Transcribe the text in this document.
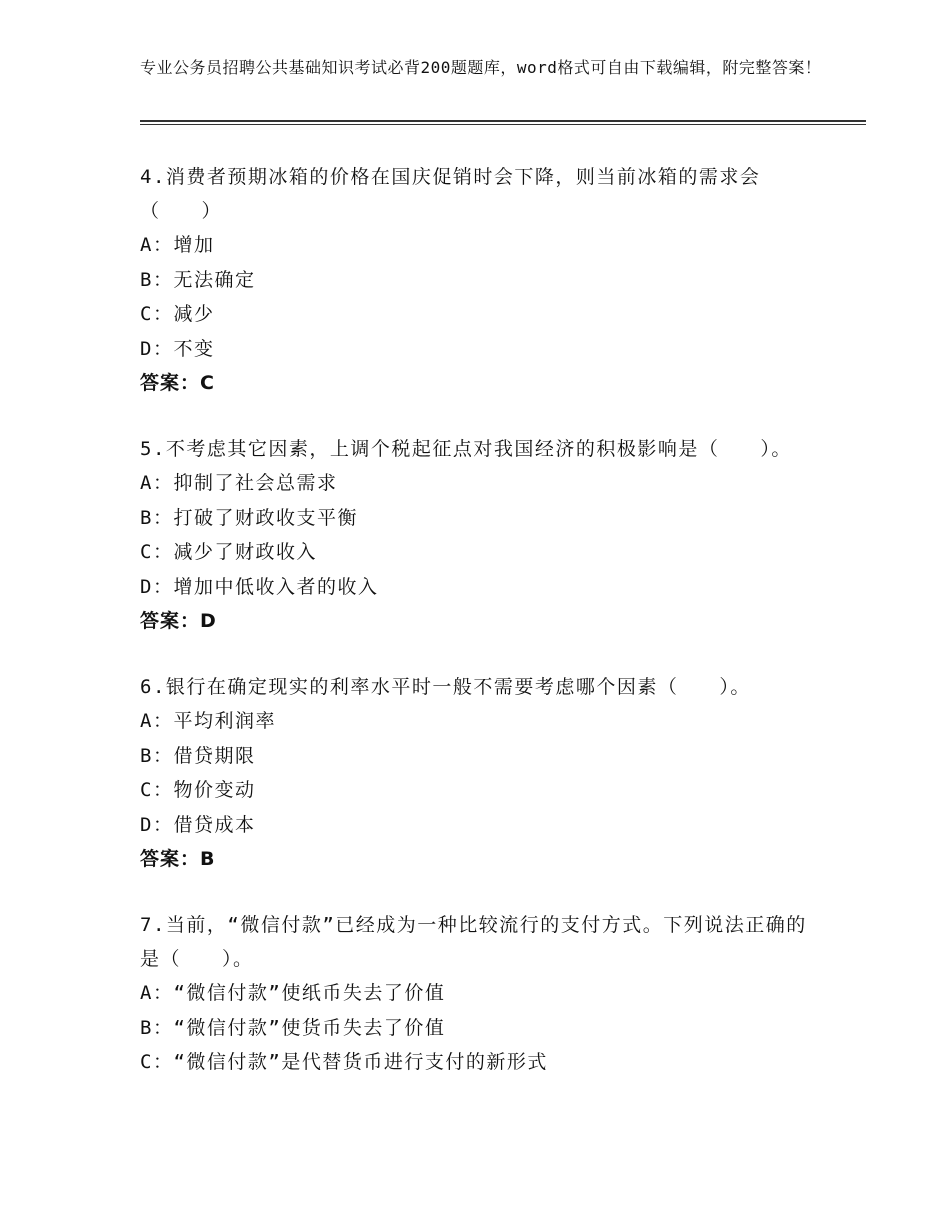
专业公务员招聘公共基础知识考试必背200题题库，word格式可自由下载编辑，附完整答案！
4.消费者预期冰箱的价格在国庆促销时会下降，则当前冰箱的需求会（　　）
A：增加
B：无法确定
C：减少
D：不变
答案：C
5.不考虑其它因素，上调个税起征点对我国经济的积极影响是（　　）。
A：抑制了社会总需求
B：打破了财政收支平衡
C：减少了财政收入
D：增加中低收入者的收入
答案：D
6.银行在确定现实的利率水平时一般不需要考虑哪个因素（　　）。
A：平均利润率
B：借贷期限
C：物价变动
D：借贷成本
答案：B
7.当前，“微信付款”已经成为一种比较流行的支付方式。下列说法正确的是（　　）。
A：“微信付款”使纸币失去了价值
B：“微信付款”使货币失去了价值
C：“微信付款”是代替货币进行支付的新形式
